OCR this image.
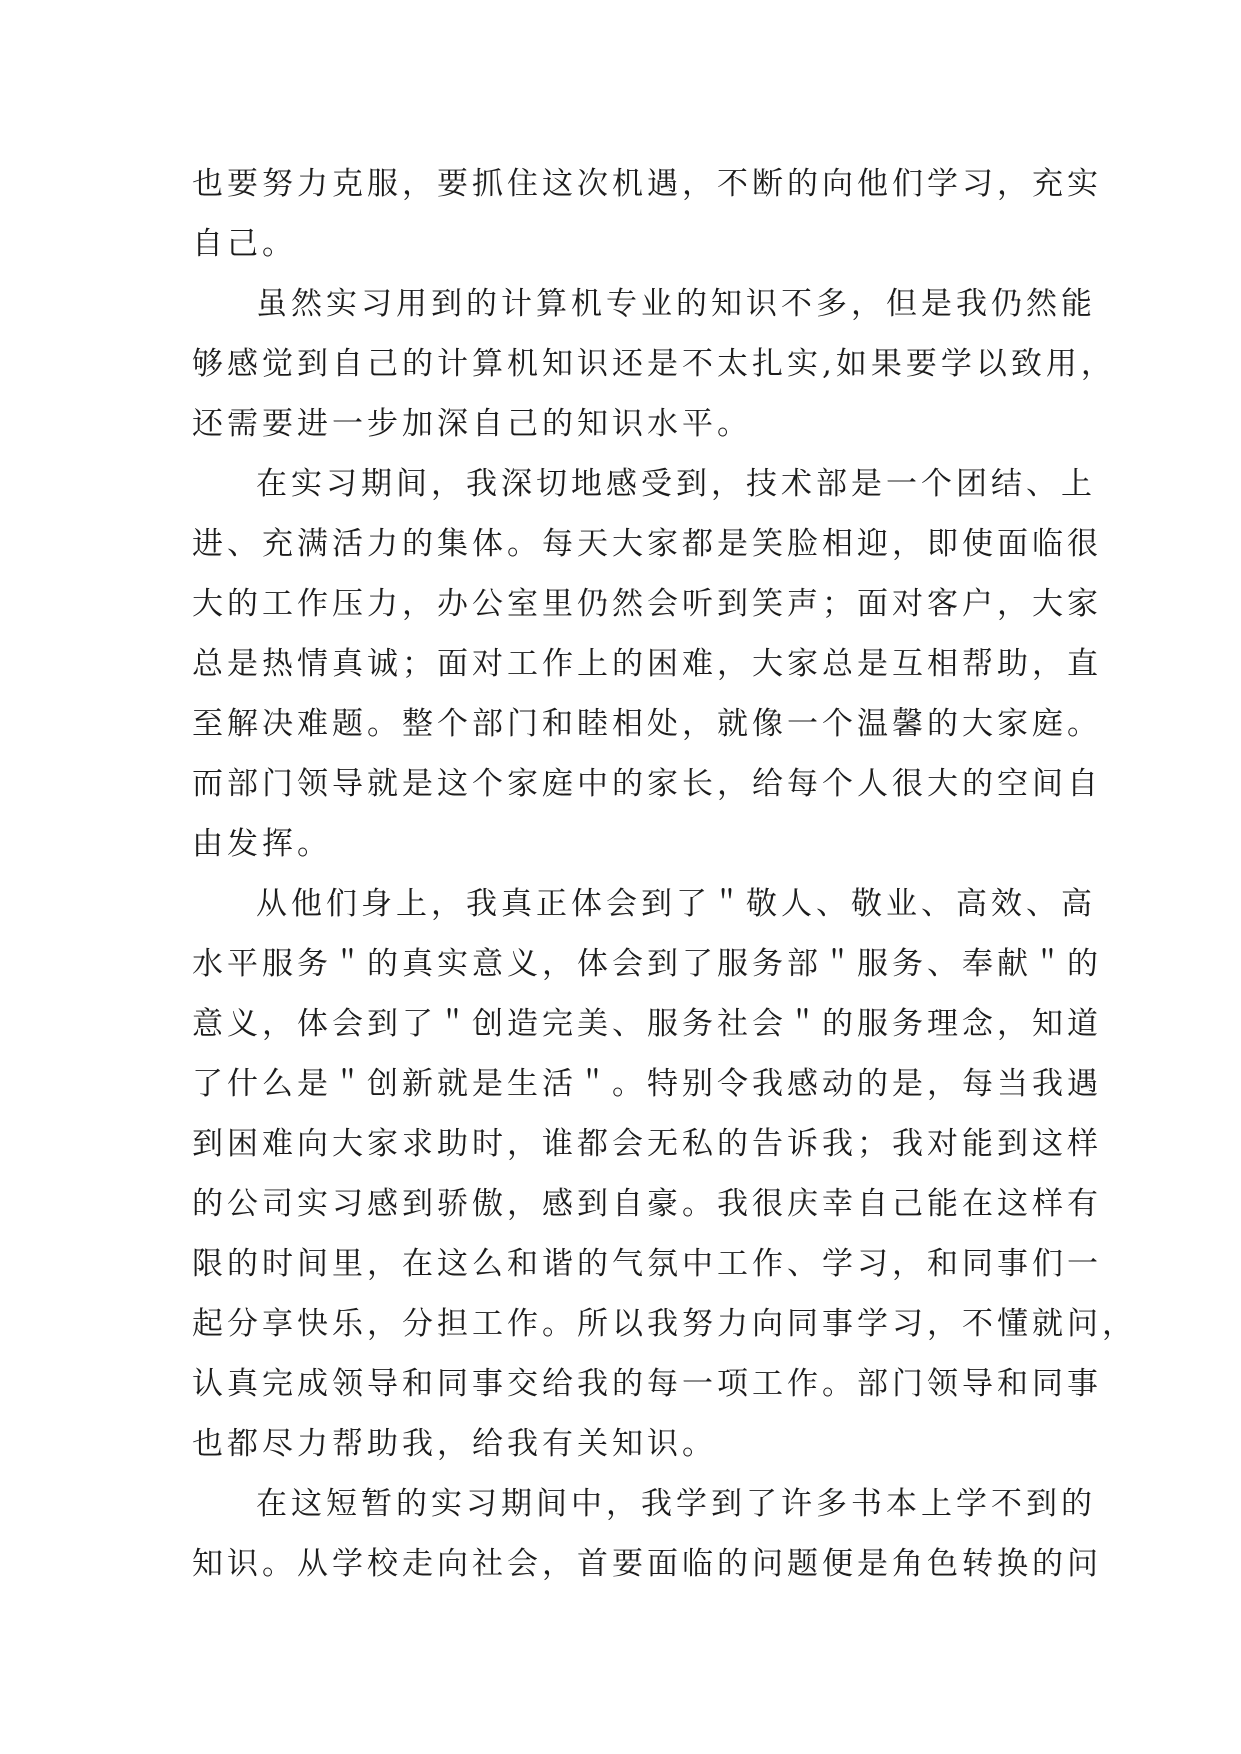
也要努力克服，要抓住这次机遇，不断的向他们学习，充实
自己。

虽然实习用到的计算机专业的知识不多，但是我仍然能
够感觉到自己的计算机知识还是不太扎实,如果要学以致用，
还需要进一步加深自己的知识水平。

在实习期间，我深切地感受到，技术部是一个团结、上
进、充满活力的集体。每天大家都是笑脸相迎，即使面临很
大的工作压力，办公室里仍然会听到笑声；面对客户，大家
总是热情真诚；面对工作上的困难，大家总是互相帮助，直
至解决难题。整个部门和睦相处，就像一个温馨的大家庭。
而部门领导就是这个家庭中的家长，给每个人很大的空间自
由发挥。

从他们身上，我真正体会到了＂敬人、敬业、高效、高
水平服务＂的真实意义，体会到了服务部＂服务、奉献＂的
意义，体会到了＂创造完美、服务社会＂的服务理念，知道
了什么是＂创新就是生活＂。特别令我感动的是，每当我遇
到困难向大家求助时，谁都会无私的告诉我；我对能到这样
的公司实习感到骄傲，感到自豪。我很庆幸自己能在这样有
限的时间里，在这么和谐的气氛中工作、学习，和同事们一
起分享快乐，分担工作。所以我努力向同事学习，不懂就问，
认真完成领导和同事交给我的每一项工作。部门领导和同事
也都尽力帮助我，给我有关知识。

在这短暂的实习期间中，我学到了许多书本上学不到的
知识。从学校走向社会，首要面临的问题便是角色转换的问
